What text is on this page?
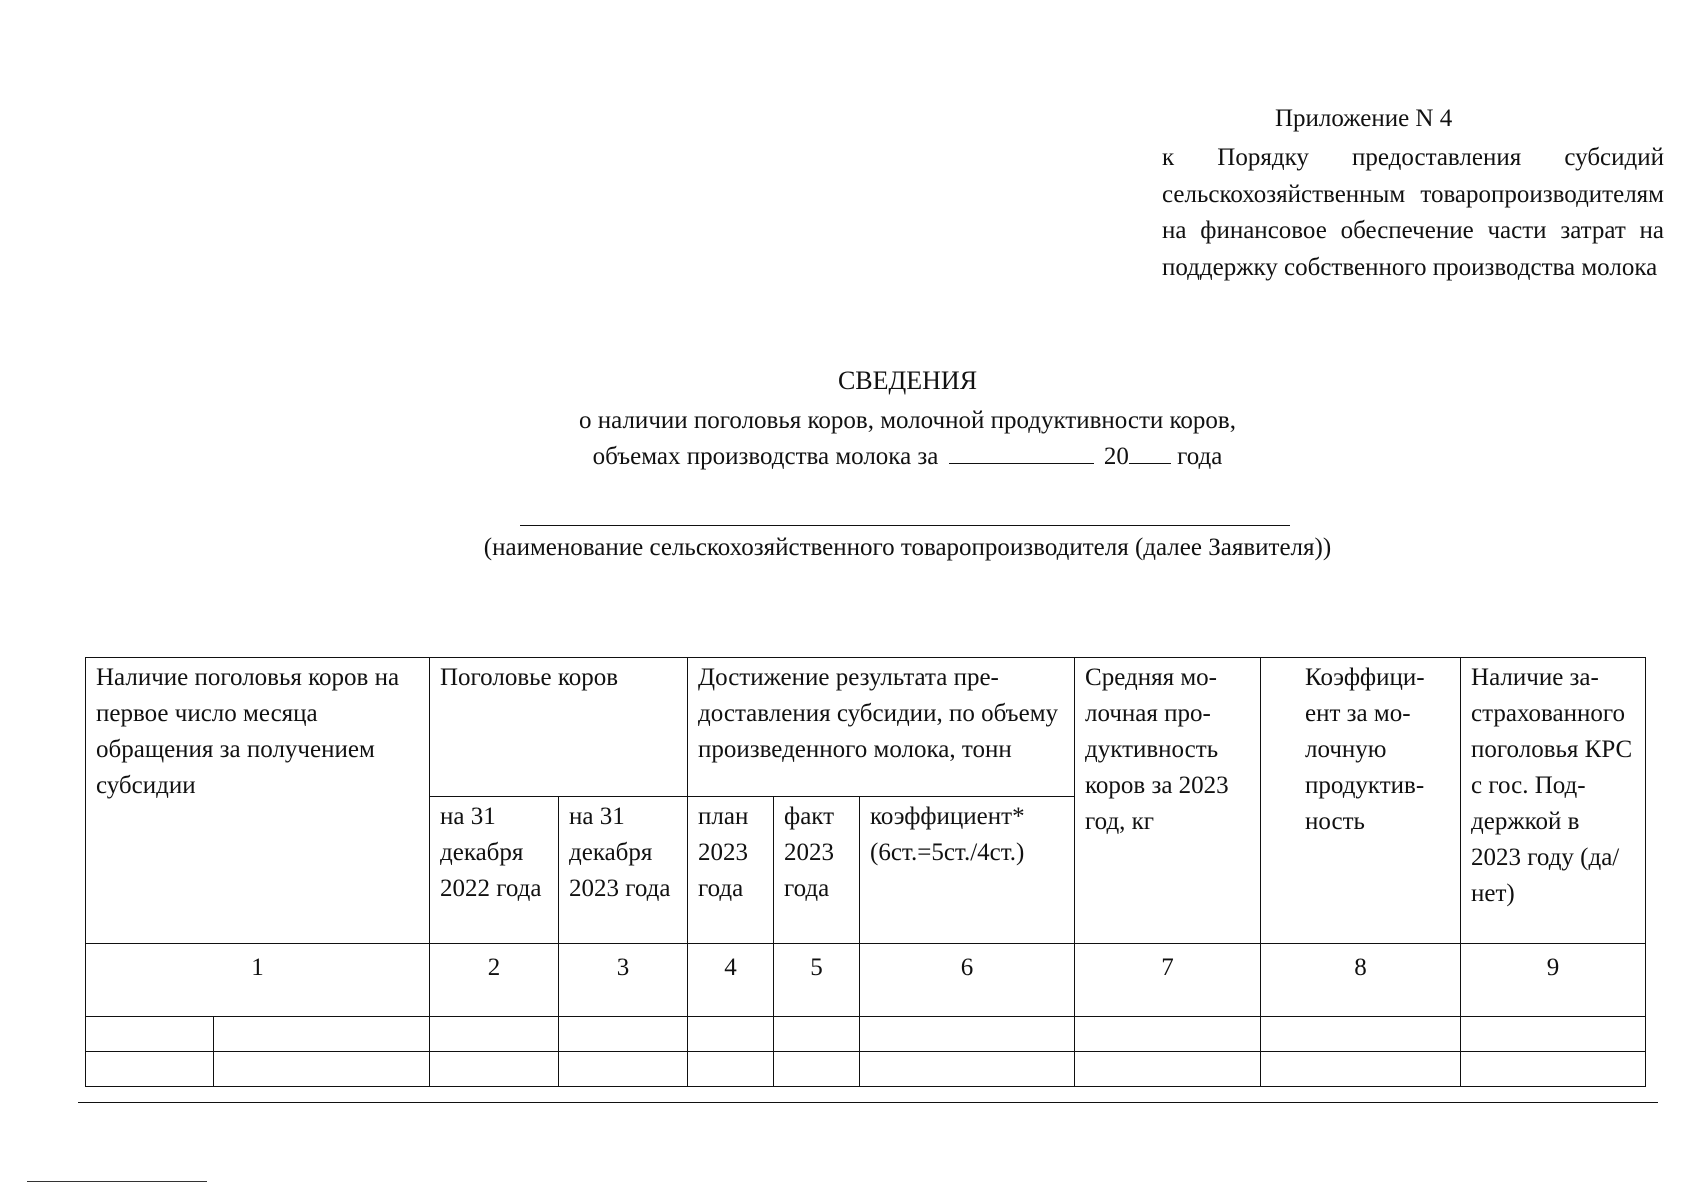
Приложение N 4
к Порядку предоставления субсидий сельскохозяйственным товаропроизводителям на финансовое обеспечение части затрат на поддержку собственного производства молока
СВЕДЕНИЯ
о наличии поголовья коров, молочной продуктивности коров,
объемах производства молока за	20 года
(наименование сельскохозяйственного товаропроизводителя (далее Заявителя))
Наличие поголовья коров на первое число месяца обращения за получением субсидии		Поголовье коров		Достижение результата предоставления субсидии, по объему произведенного молока, тонн			Средняя молочная продуктивность коров за 2023 год, кг	Коэффициент за молочную продуктивность	Наличие застрахованного поголовья КРС с гос. Поддержкой в 2023 году (да/нет)
		на 31 декабря 2022 года	на 31 декабря 2023 года	план 2023 года	факт 2023 года	коэффициент* (6ст.=5ст./4ст.)			
1		2	3	4	5	6	7	8	9
